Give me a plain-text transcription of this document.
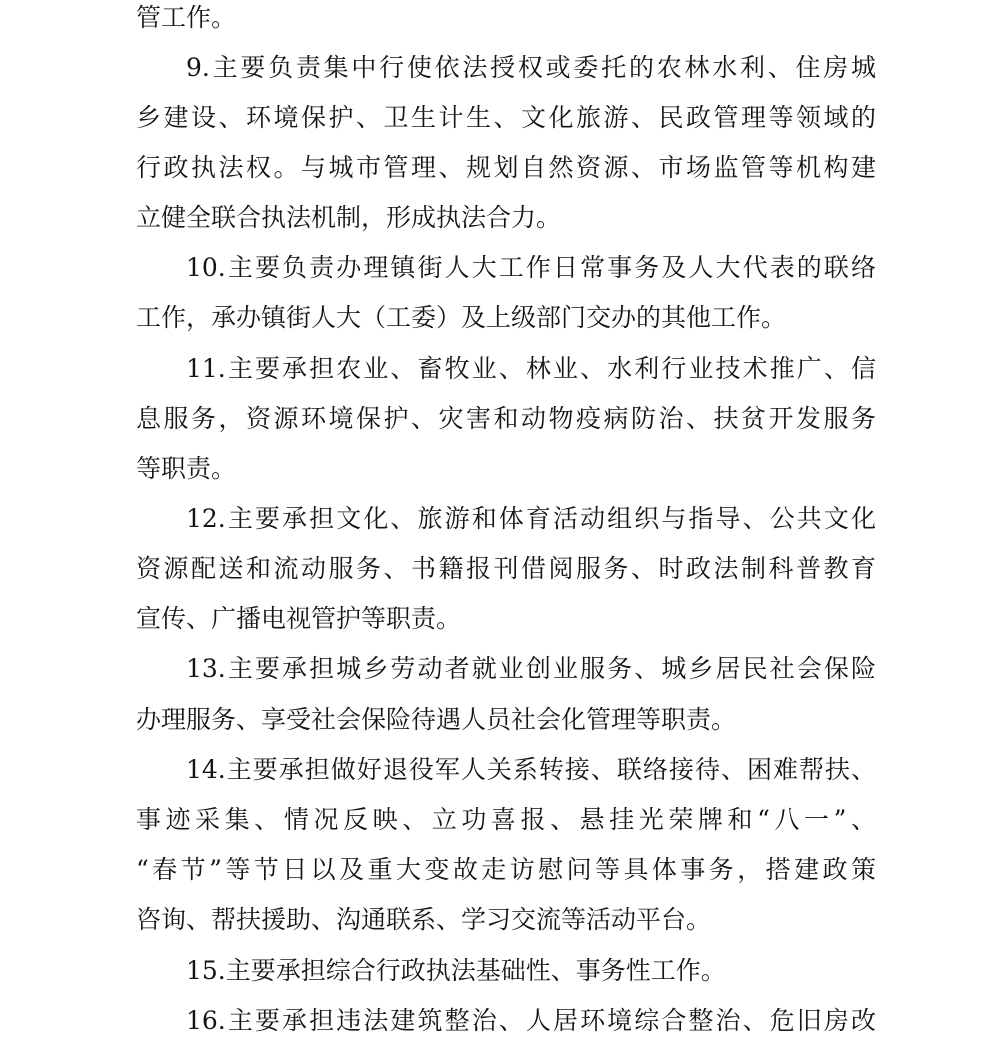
管工作。
9.主要负责集中行使依法授权或委托的农林水利、住房城
乡建设、环境保护、卫生计生、文化旅游、民政管理等领域的
行政执法权。与城市管理、规划自然资源、市场监管等机构建
立健全联合执法机制，形成执法合力。
10.主要负责办理镇街人大工作日常事务及人大代表的联络
工作，承办镇街人大（工委）及上级部门交办的其他工作。
11.主要承担农业、畜牧业、林业、水利行业技术推广、信
息服务，资源环境保护、灾害和动物疫病防治、扶贫开发服务
等职责。
12.主要承担文化、旅游和体育活动组织与指导、公共文化
资源配送和流动服务、书籍报刊借阅服务、时政法制科普教育
宣传、广播电视管护等职责。
13.主要承担城乡劳动者就业创业服务、城乡居民社会保险
办理服务、享受社会保险待遇人员社会化管理等职责。
14.主要承担做好退役军人关系转接、联络接待、困难帮扶、
事迹采集、情况反映、立功喜报、悬挂光荣牌和“八一”、
“春节”等节日以及重大变故走访慰问等具体事务，搭建政策
咨询、帮扶援助、沟通联系、学习交流等活动平台。
15.主要承担综合行政执法基础性、事务性工作。
16.主要承担违法建筑整治、人居环境综合整治、危旧房改
